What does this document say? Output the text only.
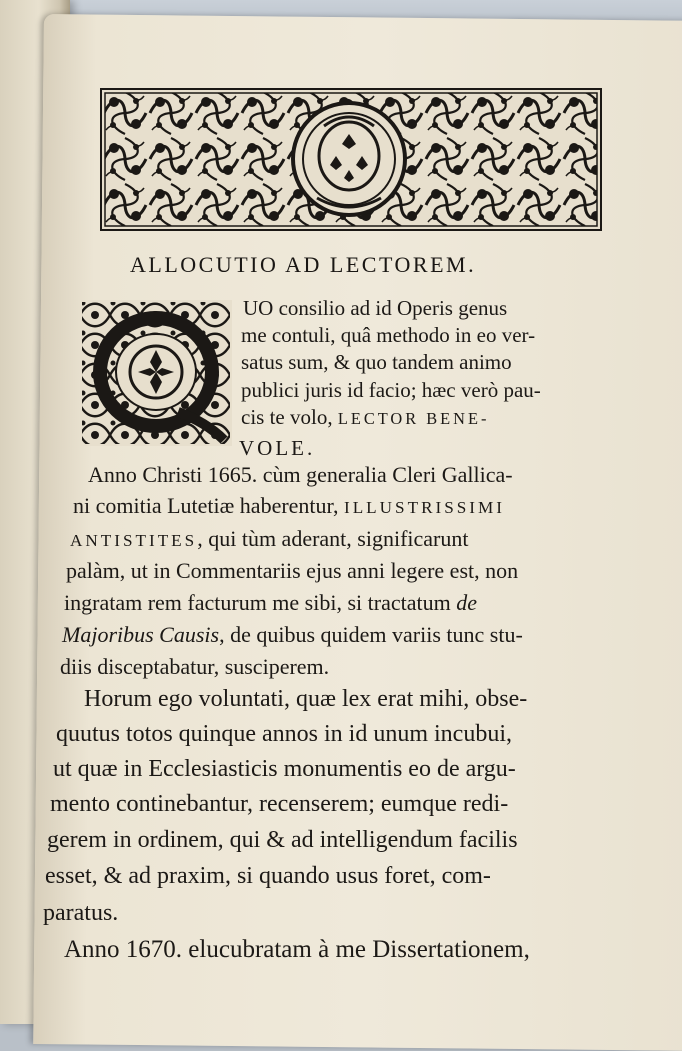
ALLOCUTIO AD LECTOREM.
UO consilio ad id Operis genus
me contuli, quâ methodo in eo ver-
satus sum, & quo tandem animo
publici juris id facio; hæc verò pau-
cis te volo, LECTOR BENE-
VOLE.
Anno Christi 1665. cùm generalia Cleri Gallica-
ni comitia Lutetiæ haberentur, ILLUSTRISSIMI
ANTISTITES, qui tùm aderant, significarunt
palàm, ut in Commentariis ejus anni legere est, non
ingratam rem facturum me sibi, si tractatum de
Majoribus Causis, de quibus quidem variis tunc stu-
diis disceptabatur, susciperem.
Horum ego voluntati, quæ lex erat mihi, obse-
quutus totos quinque annos in id unum incubui,
ut quæ in Ecclesiasticis monumentis eo de argu-
mento continebantur, recenserem; eumque redi-
gerem in ordinem, qui & ad intelligendum facilis
esset, & ad praxim, si quando usus foret, com-
paratus.
Anno 1670. elucubratam à me Dissertationem,
